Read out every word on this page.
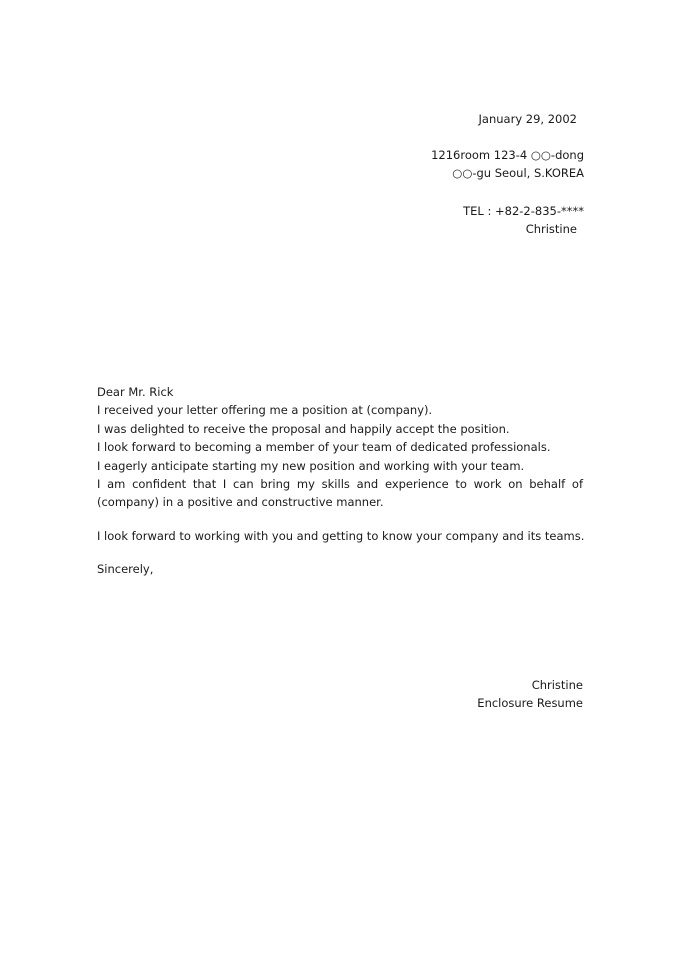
January 29, 2002
1216room 123-4 ○○-dong
○○-gu Seoul, S.KOREA
TEL : +82-2-835-****
Christine
Dear Mr. Rick
I received your letter offering me a position at (company).
I was delighted to receive the proposal and happily accept the position.
I look forward to becoming a member of your team of dedicated professionals.
I eagerly anticipate starting my new position and working with your team.
I am confident that I can bring my skills and experience to work on behalf of
(company) in a positive and constructive manner.
I look forward to working with you and getting to know your company and its teams.
Sincerely,
Christine
Enclosure Resume
